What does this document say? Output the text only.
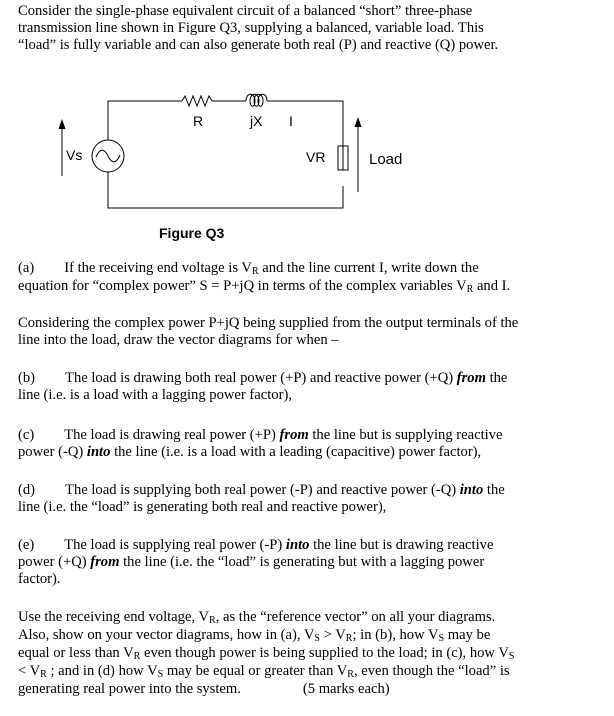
Consider the single-phase equivalent circuit of a balanced “short” three-phase
transmission line shown in Figure Q3, supplying a balanced, variable load. This
“load” is fully variable and can also generate both real (P) and reactive (Q) power.
R	jX I
Vs	VR	Load
Figure Q3
(a) If the receiving end voltage is $V_R$ and the line current I, write down the
equation for “complex power” S = P+jQ in terms of the complex variables $V_R$ and I.
Considering the complex power P+jQ being supplied from the output terminals of the
line into the load, draw the vector diagrams for when –
(b) The load is drawing both real power (+P) and reactive power (+Q) from the
line (i.e. is a load with a lagging power factor),
(c) The load is drawing real power (+P) from the line but is supplying reactive
power (-Q) into the line (i.e. is a load with a leading (capacitive) power factor),
(d) The load is supplying both real power (-P) and reactive power (-Q) into the
line (i.e. the “load” is generating both real and reactive power),
(e) The load is supplying real power (-P) into the line but is drawing reactive
power (+Q) from the line (i.e. the “load” is generating but with a lagging power
factor).
Use the receiving end voltage, $V_R$, as the “reference vector” on all your diagrams.
Also, show on your vector diagrams, how in (a), $V_S > V_R$; in (b), how $V_S$ may be
equal or less than $V_R$ even though power is being supplied to the load; in (c), how $V_S$
< $V_R$ ; and in (d) how $V_S$ may be equal or greater than $V_R$, even though the “load” is
generating real power into the system.	(5 marks each)
